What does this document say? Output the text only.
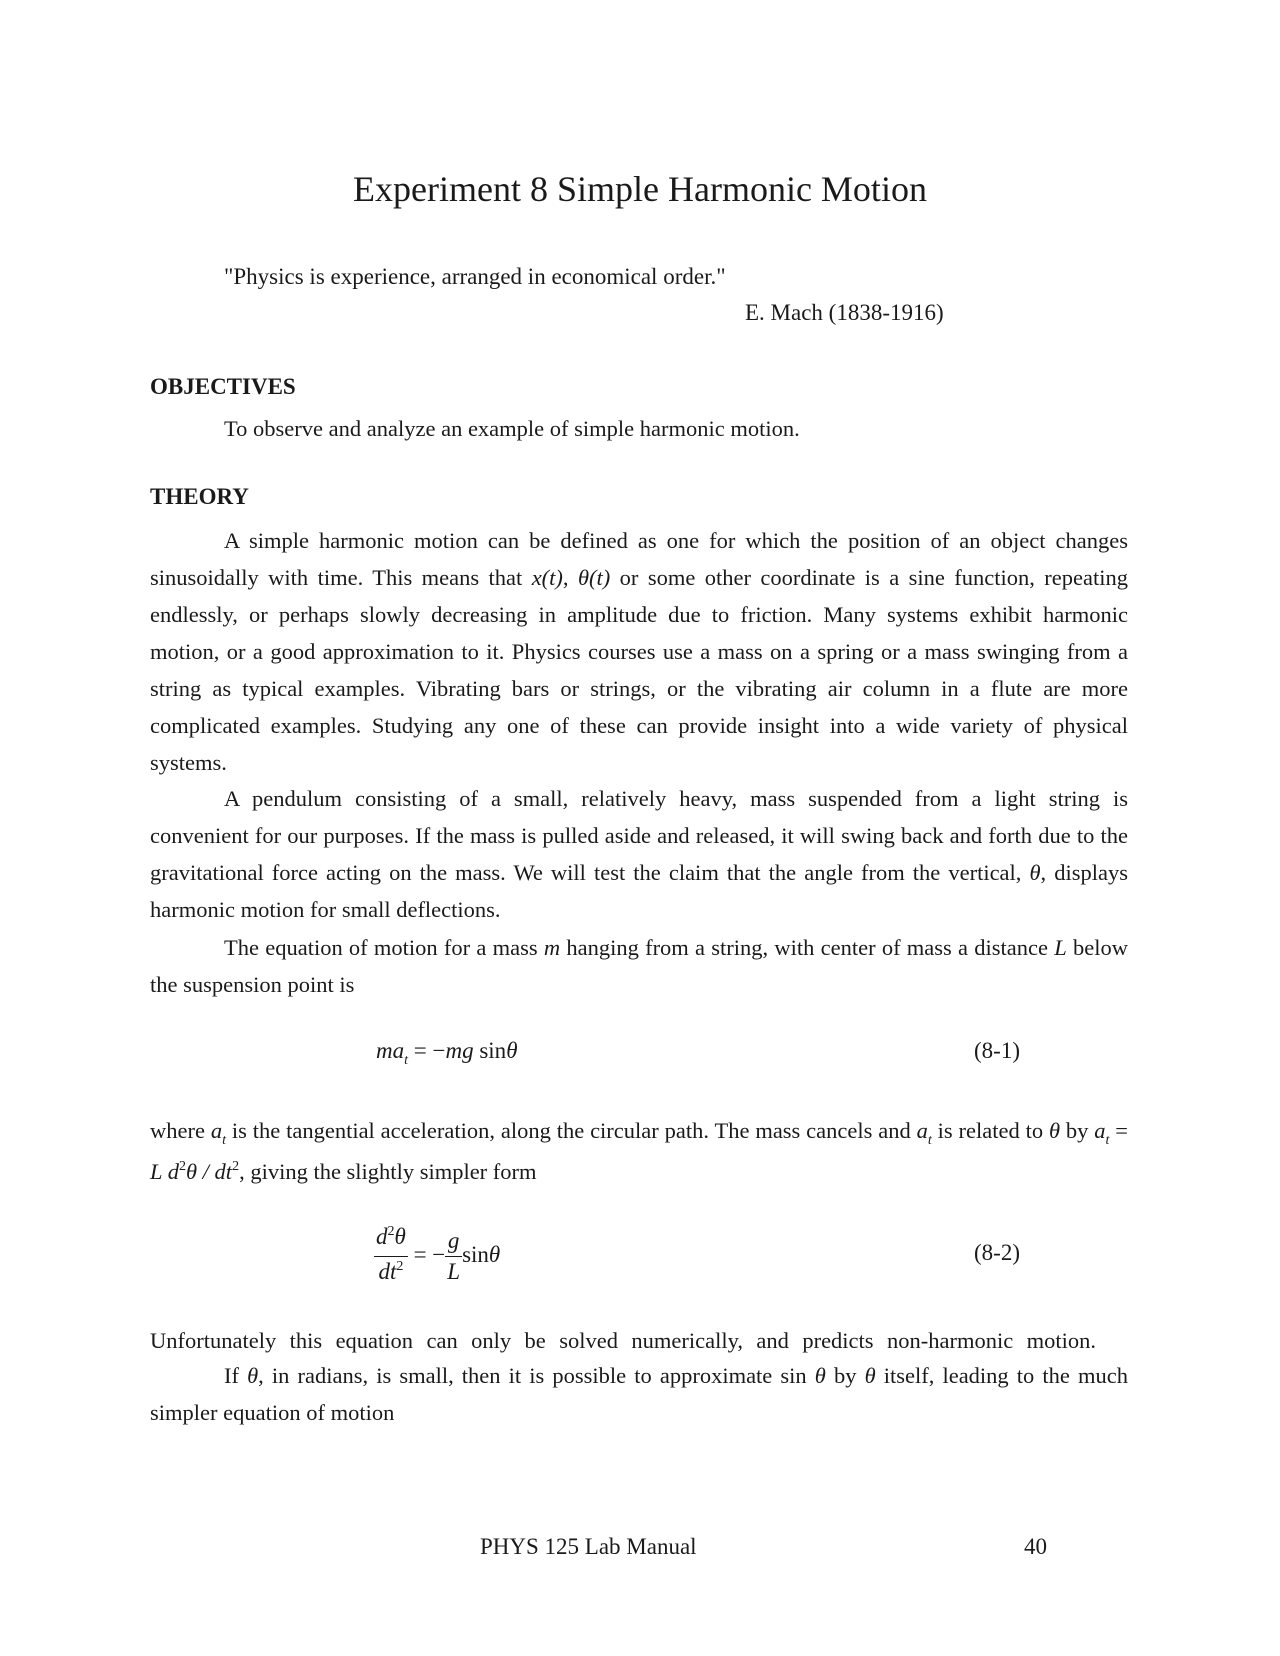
Experiment 8 Simple Harmonic Motion
"Physics is experience, arranged in economical order."
E. Mach (1838-1916)
OBJECTIVES
To observe and analyze an example of simple harmonic motion.
THEORY
A simple harmonic motion can be defined as one for which the position of an object changes sinusoidally with time. This means that x(t), θ(t) or some other coordinate is a sine function, repeating endlessly, or perhaps slowly decreasing in amplitude due to friction. Many systems exhibit harmonic motion, or a good approximation to it. Physics courses use a mass on a spring or a mass swinging from a string as typical examples. Vibrating bars or strings, or the vibrating air column in a flute are more complicated examples. Studying any one of these can provide insight into a wide variety of physical systems.
A pendulum consisting of a small, relatively heavy, mass suspended from a light string is convenient for our purposes. If the mass is pulled aside and released, it will swing back and forth due to the gravitational force acting on the mass. We will test the claim that the angle from the vertical, θ, displays harmonic motion for small deflections.
The equation of motion for a mass m hanging from a string, with center of mass a distance L below the suspension point is
$ma_t = -mg$ sinθ	(8-1)
where $a_t$ is the tangential acceleration, along the circular path. The mass cancels and $a_t$ is related to θ by $a_t = L$ $d^2\theta / dt^2$, giving the slightly simpler form
$\frac{d^2\theta}{dt^2}$ = − $\frac{g}{L}$ sinθ	(8-2)
Unfortunately this equation can only be solved numerically, and predicts non-harmonic motion.
If θ, in radians, is small, then it is possible to approximate sin θ by θ itself, leading to the much simpler equation of motion
PHYS 125 Lab Manual	40
